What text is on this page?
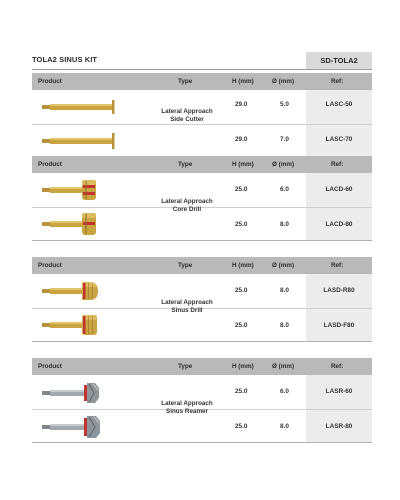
TOLA2 SINUS KIT	SD-TOLA2
Product	Type	H (mm)	Ø (mm)	Ref:
Lateral Approach
Side Cutter
29.0	5.0	LASC-50
29.0	7.0	LASC-70
Product	Type	H (mm)	Ø (mm)	Ref:
Lateral Approach
Core Drill
25.0	6.0	LACD-60
25.0	8.0	LACD-80
Product	Type	H (mm)	Ø (mm)	Ref:
Lateral Approach
Sinus Drill
25.0	8.0	LASD-R80
25.0	8.0	LASD-F80
Product	Type	H (mm)	Ø (mm)	Ref:
Lateral Approach
Sinus Reamer
25.0	6.0	LASR-60
25.0	8.0	LASR-80
